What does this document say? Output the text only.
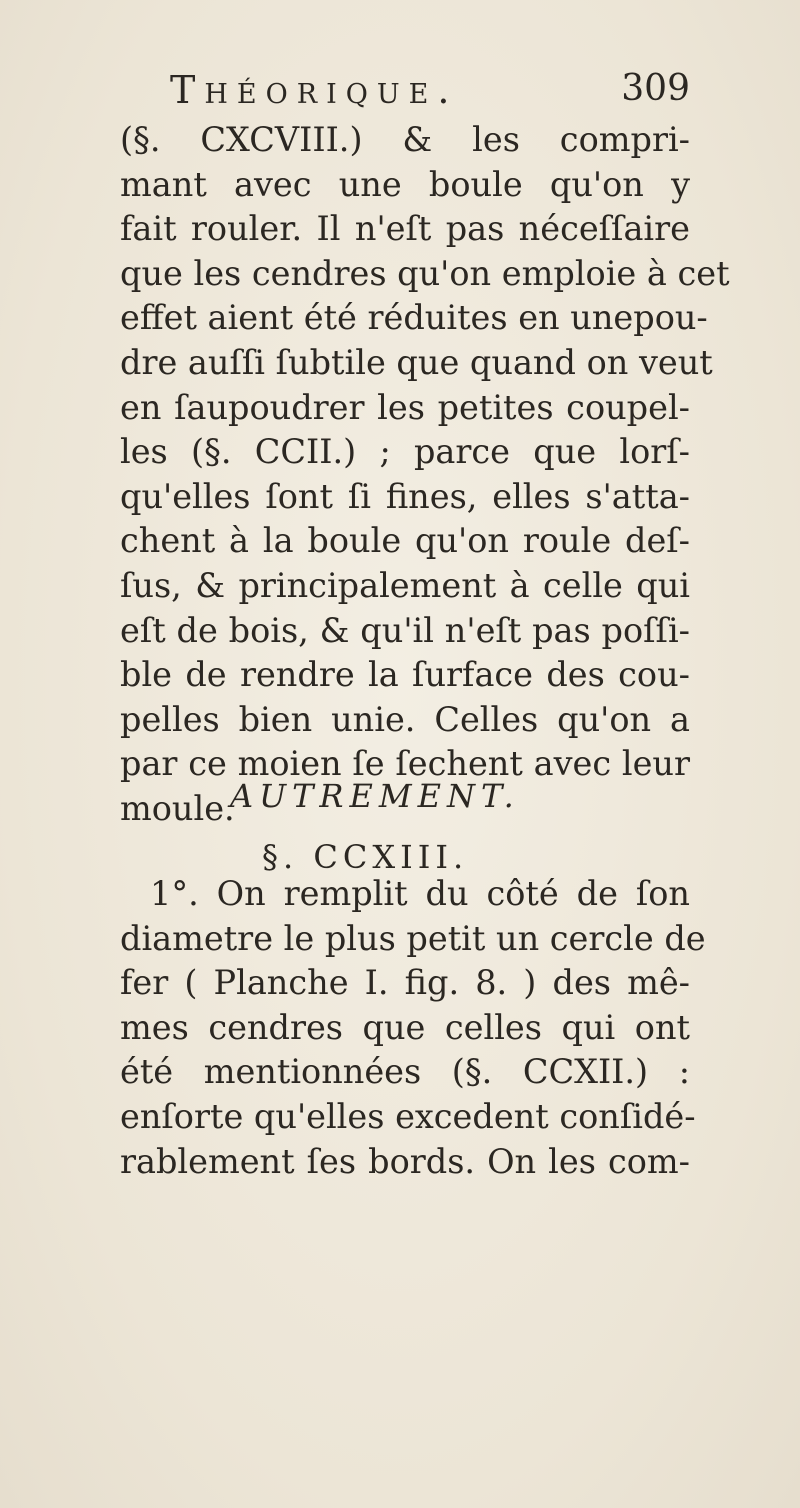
Théorique.	309
(§. CXCVIII.) & les compri-
mant avec une boule qu'on y
fait rouler. Il n'eſt pas néceſſaire
que les cendres qu'on emploie à cet
effet aient été réduites en unepou-
dre auſſi ſubtile que quand on veut
en ſaupoudrer les petites coupel-
les (§. CCII.) ; parce que lorſ-
qu'elles ſont ſi fines, elles s'atta-
chent à la boule qu'on roule deſ-
ſus, & principalement à celle qui
eſt de bois, & qu'il n'eſt pas poſſi-
ble de rendre la ſurface des cou-
pelles bien unie. Celles qu'on a
par ce moien ſe ſechent avec leur
moule.
AUTREMENT.
§. CCXIII.
1°. On remplit du côté de ſon
diametre le plus petit un cercle de
fer ( Planche I. fig. 8. ) des mê-
mes cendres que celles qui ont
été mentionnées (§. CCXII.) :
enſorte qu'elles excedent conſidé-
rablement ſes bords. On les com-
